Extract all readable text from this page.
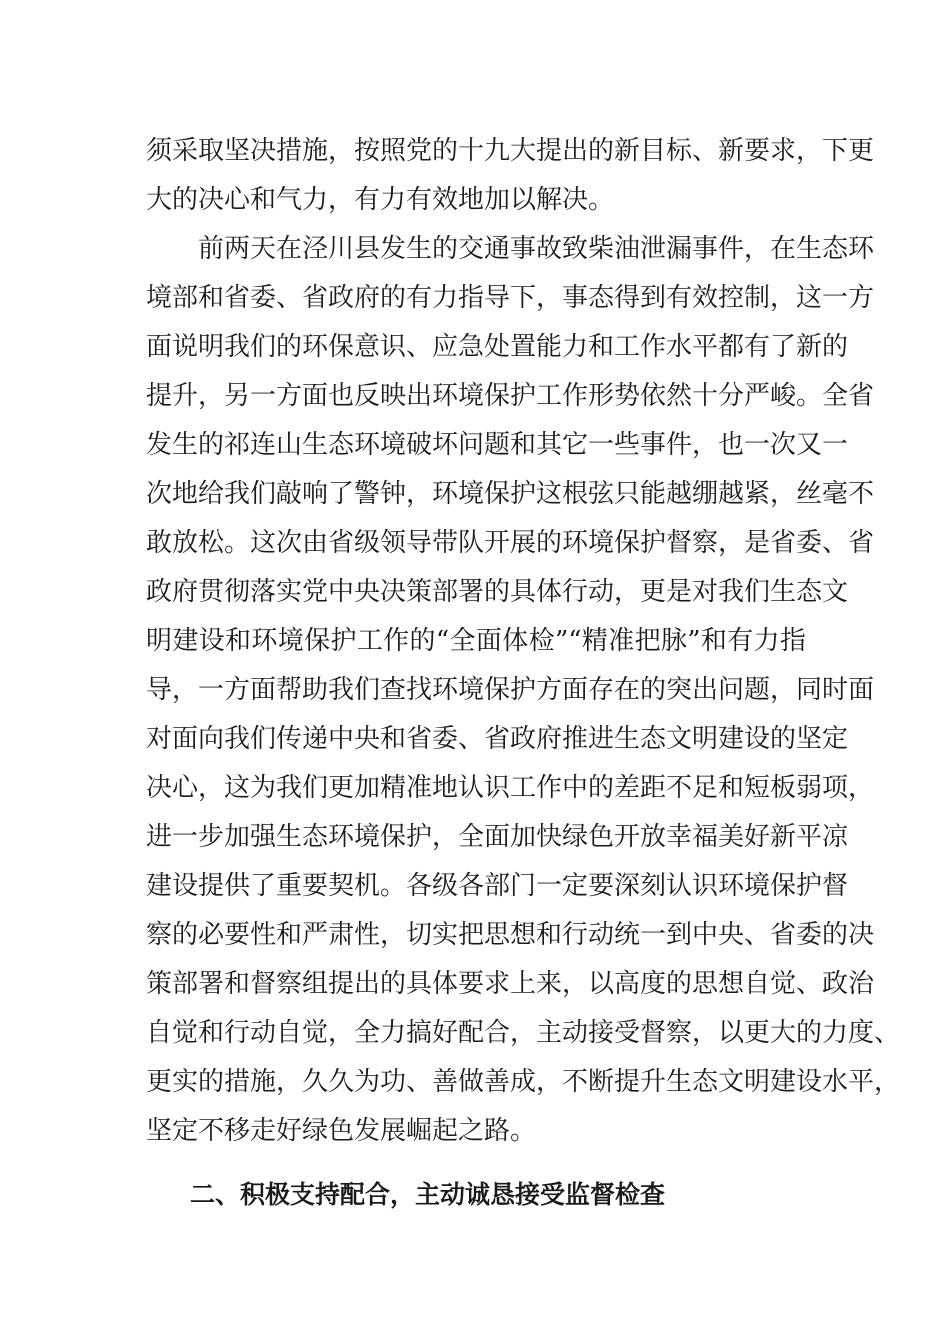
须采取坚决措施，按照党的十九大提出的新目标、新要求，下更
大的决心和气力，有力有效地加以解决。
前两天在泾川县发生的交通事故致柴油泄漏事件，在生态环
境部和省委、省政府的有力指导下，事态得到有效控制，这一方
面说明我们的环保意识、应急处置能力和工作水平都有了新的
提升，另一方面也反映出环境保护工作形势依然十分严峻。全省
发生的祁连山生态环境破坏问题和其它一些事件，也一次又一
次地给我们敲响了警钟，环境保护这根弦只能越绷越紧，丝毫不
敢放松。这次由省级领导带队开展的环境保护督察，是省委、省
政府贯彻落实党中央决策部署的具体行动，更是对我们生态文
明建设和环境保护工作的“全面体检”“精准把脉”和有力指
导，一方面帮助我们查找环境保护方面存在的突出问题，同时面
对面向我们传递中央和省委、省政府推进生态文明建设的坚定
决心，这为我们更加精准地认识工作中的差距不足和短板弱项，
进一步加强生态环境保护，全面加快绿色开放幸福美好新平凉
建设提供了重要契机。各级各部门一定要深刻认识环境保护督
察的必要性和严肃性，切实把思想和行动统一到中央、省委的决
策部署和督察组提出的具体要求上来，以高度的思想自觉、政治
自觉和行动自觉，全力搞好配合，主动接受督察，以更大的力度、
更实的措施，久久为功、善做善成，不断提升生态文明建设水平，
坚定不移走好绿色发展崛起之路。
二、积极支持配合，主动诚恳接受监督检查
